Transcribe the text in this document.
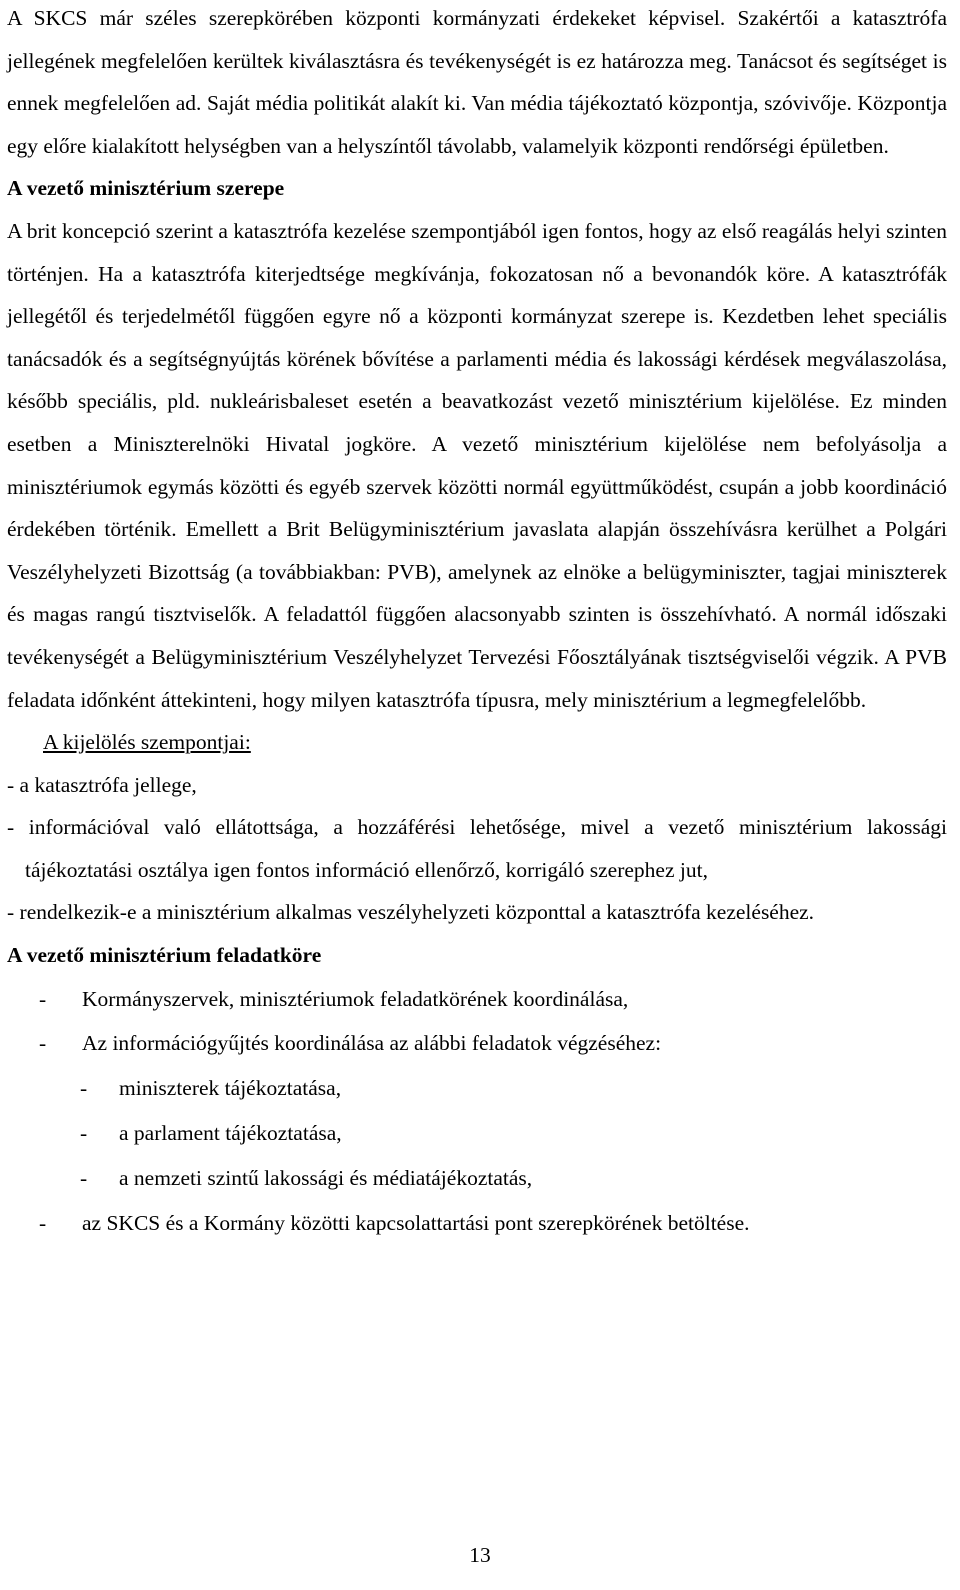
A SKCS már széles szerepkörében központi kormányzati érdekeket képvisel. Szakértői a katasztrófa jellegének megfelelően kerültek kiválasztásra és tevékenységét is ez határozza meg. Tanácsot és segítséget is ennek megfelelően ad. Saját média politikát alakít ki. Van média tájékoztató központja, szóvivője. Központja egy előre kialakított helységben van a helyszíntől távolabb, valamelyik központi rendőrségi épületben.

A vezető minisztérium szerepe

A brit koncepció szerint a katasztrófa kezelése szempontjából igen fontos, hogy az első reagálás helyi szinten történjen. Ha a katasztrófa kiterjedtsége megkívánja, fokozatosan nő a bevonandók köre. A katasztrófák jellegétől és terjedelmétől függően egyre nő a központi kormányzat szerepe is. Kezdetben lehet speciális tanácsadók és a segítségnyújtás körének bővítése a parlamenti média és lakossági kérdések megválaszolása, később speciális, pld. nukleárisbaleset esetén a beavatkozást vezető minisztérium kijelölése. Ez minden esetben a Miniszterelnöki Hivatal jogköre. A vezető minisztérium kijelölése nem befolyásolja a minisztériumok egymás közötti és egyéb szervek közötti normál együttműködést, csupán a jobb koordináció érdekében történik. Emellett a Brit Belügyminisztérium javaslata alapján összehívásra kerülhet a Polgári Veszélyhelyzeti Bizottság (a továbbiakban: PVB), amelynek az elnöke a belügyminiszter, tagjai miniszterek és magas rangú tisztviselők. A feladattól függően alacsonyabb szinten is összehívható. A normál időszaki tevékenységét a Belügyminisztérium Veszélyhelyzet Tervezési Főosztályának tisztségviselői végzik. A PVB feladata időnként áttekinteni, hogy milyen katasztrófa típusra, mely minisztérium a legmegfelelőbb.

A kijelölés szempontjai:

- a katasztrófa jellege,

- információval való ellátottsága, a hozzáférési lehetősége, mivel a vezető minisztérium lakossági tájékoztatási osztálya igen fontos információ ellenőrző, korrigáló szerephez jut,

- rendelkezik-e a minisztérium alkalmas veszélyhelyzeti központtal a katasztrófa kezeléséhez.

A vezető minisztérium feladatköre

- Kormányszervek, minisztériumok feladatkörének koordinálása,
- Az információgyűjtés koordinálása az alábbi feladatok végzéséhez:
- miniszterek tájékoztatása,
- a parlament tájékoztatása,
- a nemzeti szintű lakossági és médiatájékoztatás,
- az SKCS és a Kormány közötti kapcsolattartási pont szerepkörének betöltése.
13
